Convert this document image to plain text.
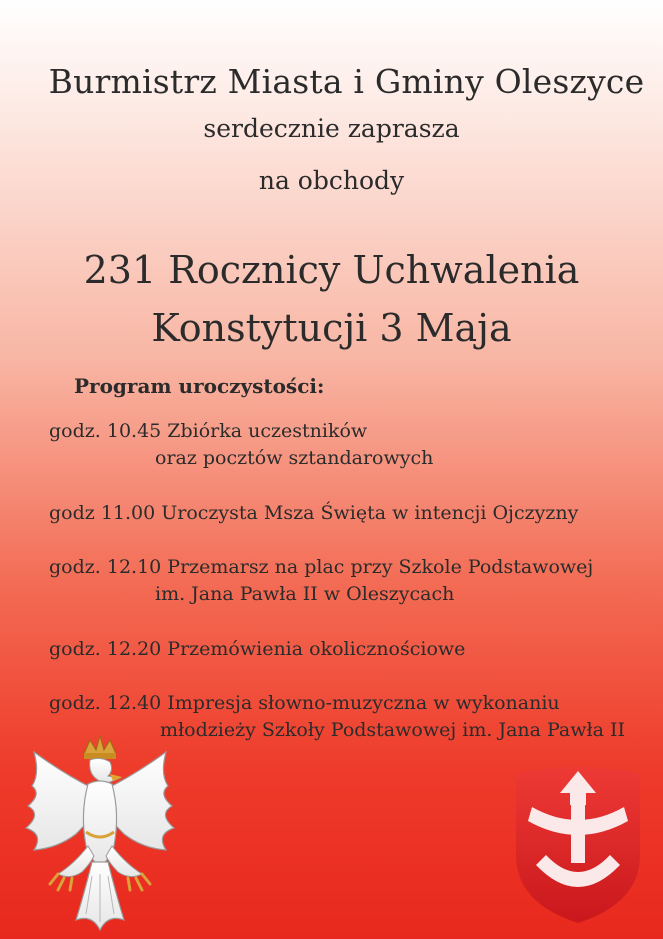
Burmistrz Miasta i Gminy Oleszyce
serdecznie zaprasza
na obchody
231 Rocznicy Uchwalenia
Konstytucji 3 Maja
Program uroczystości:
godz. 10.45 Zbiórka uczestników
oraz pocztów sztandarowych
godz 11.00 Uroczysta Msza Święta w intencji Ojczyzny
godz. 12.10 Przemarsz na plac przy Szkole Podstawowej
im. Jana Pawła II w Oleszycach
godz. 12.20 Przemówienia okolicznościowe
godz. 12.40 Impresja słowno-muzyczna w wykonaniu
młodzieży Szkoły Podstawowej im. Jana Pawła II
